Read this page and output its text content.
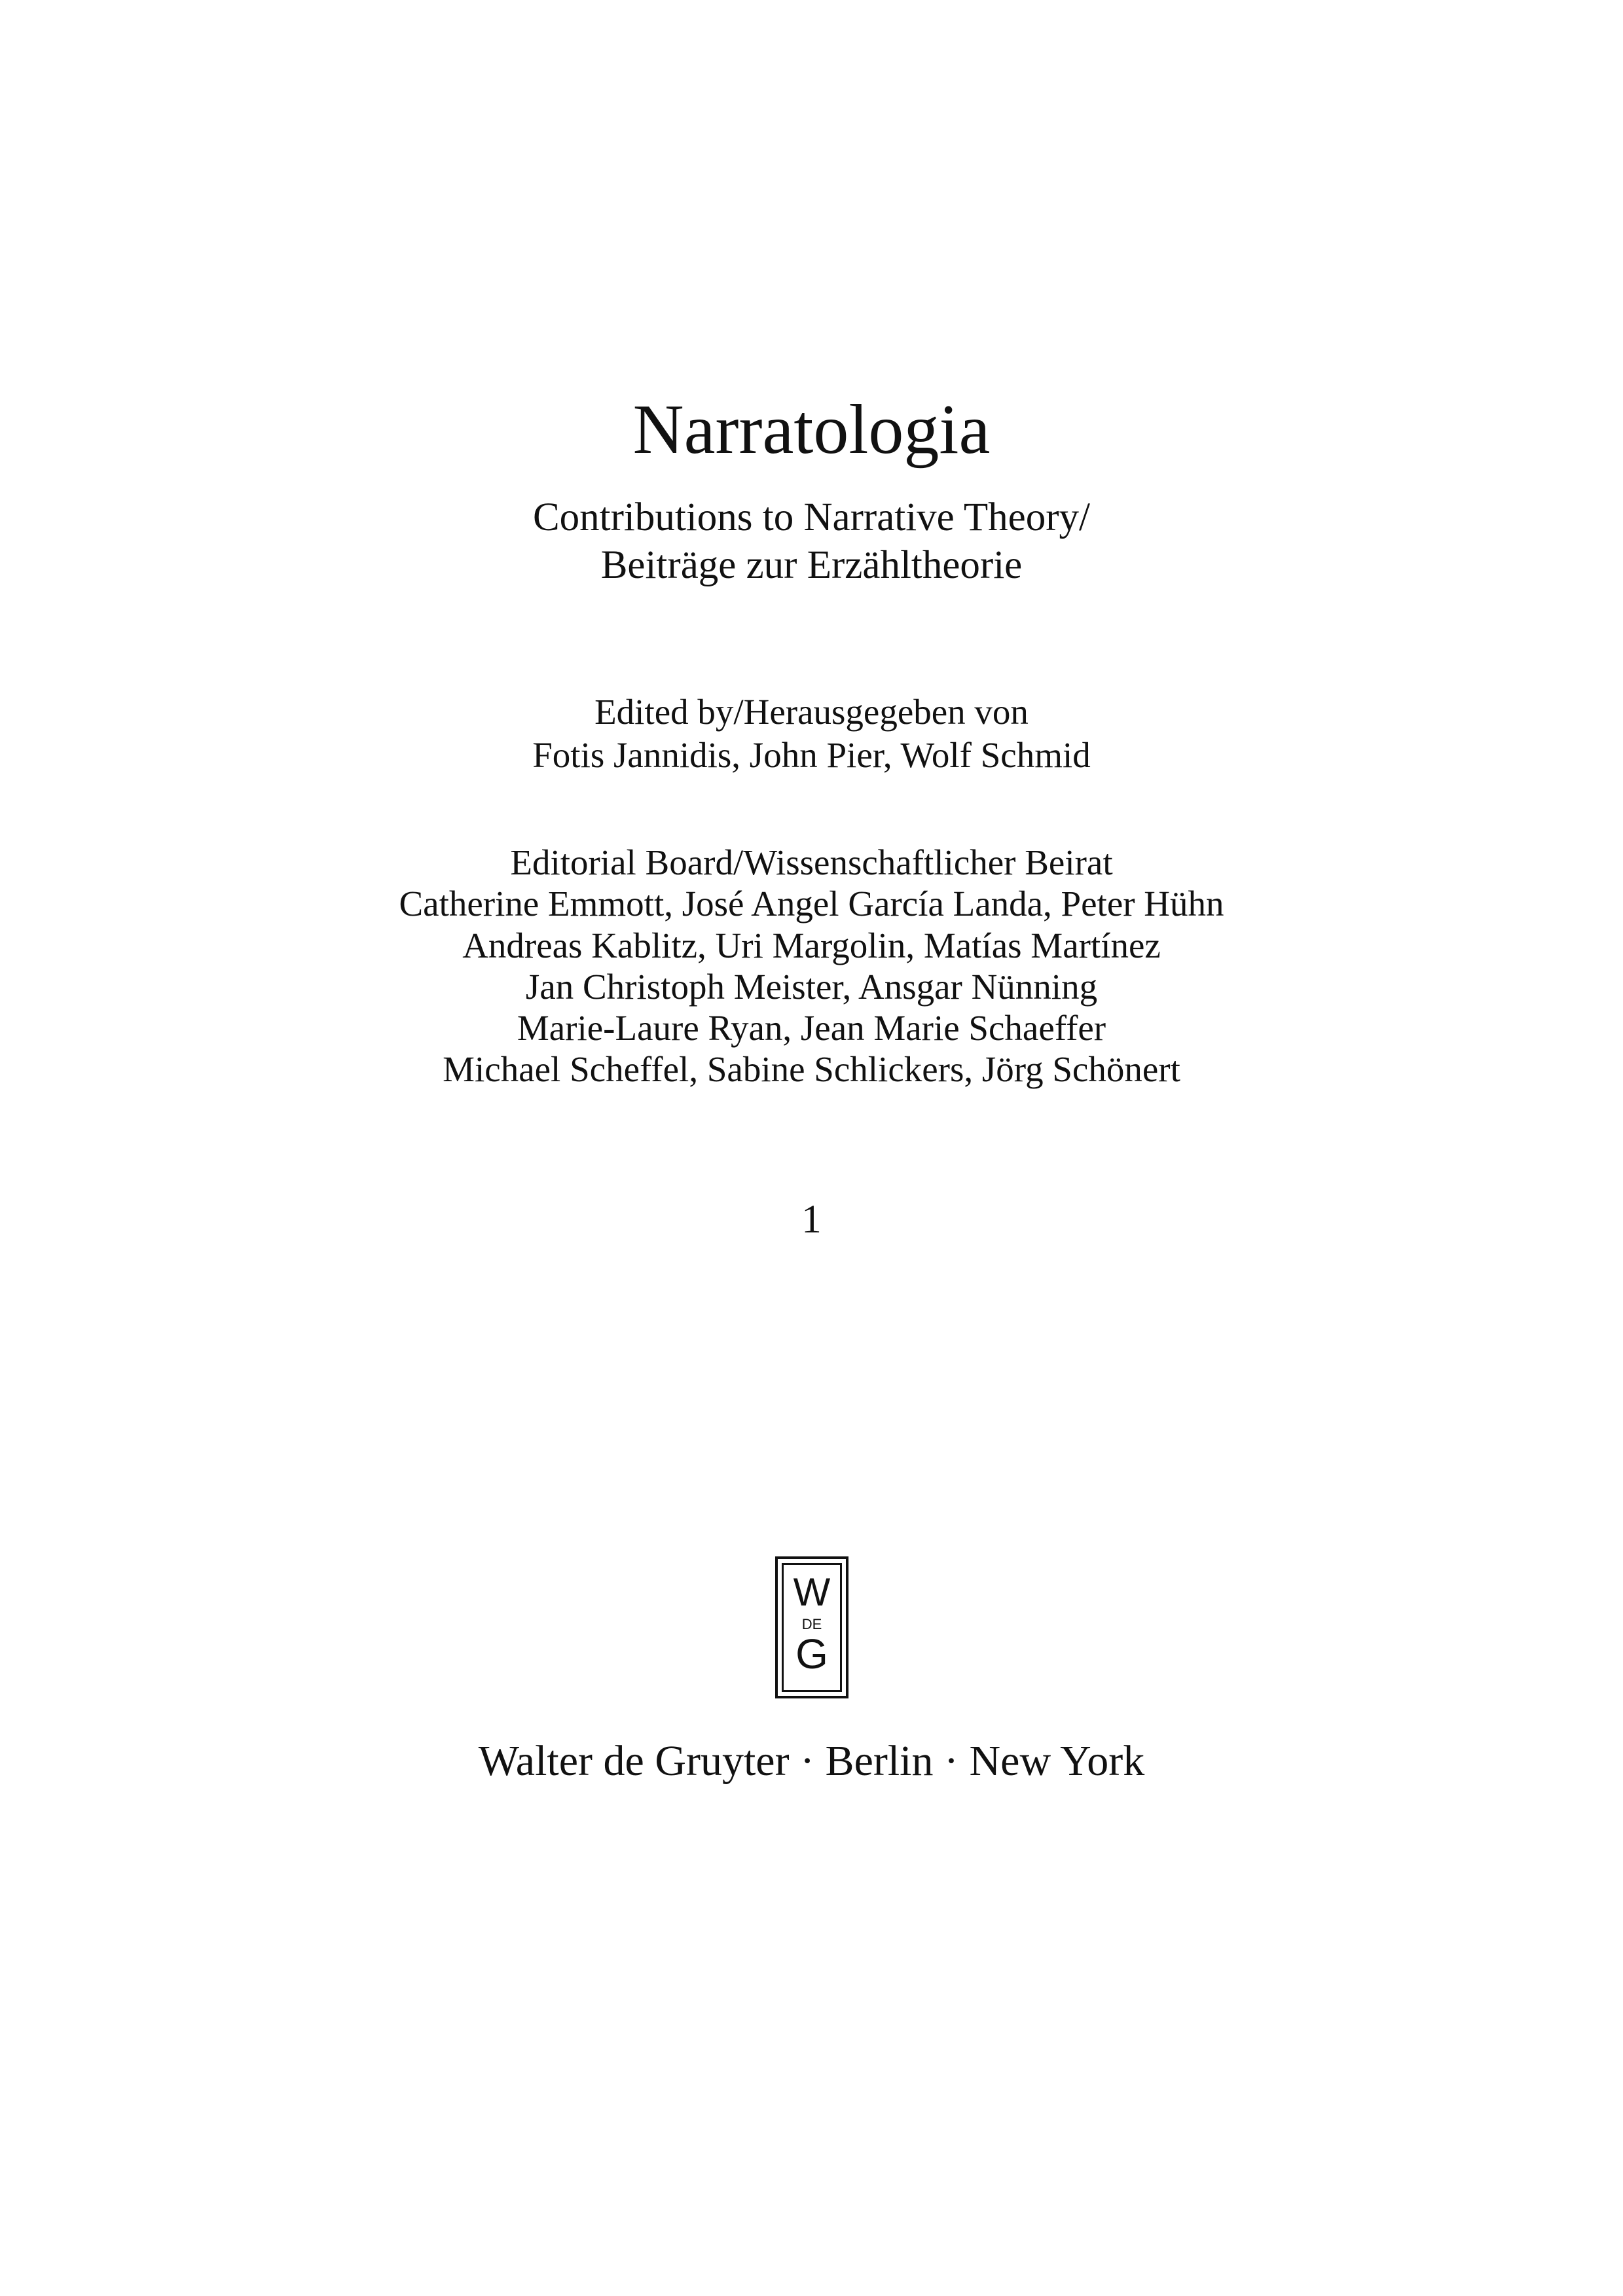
Narratologia
Contributions to Narrative Theory/
Beiträge zur Erzähltheorie
Edited by/Herausgegeben von
Fotis Jannidis, John Pier, Wolf Schmid
Editorial Board/Wissenschaftlicher Beirat
Catherine Emmott, José Angel García Landa, Peter Hühn
Andreas Kablitz, Uri Margolin, Matías Martínez
Jan Christoph Meister, Ansgar Nünning
Marie-Laure Ryan, Jean Marie Schaeffer
Michael Scheffel, Sabine Schlickers, Jörg Schönert
1
W
DE
G
Walter de Gruyter · Berlin · New York
